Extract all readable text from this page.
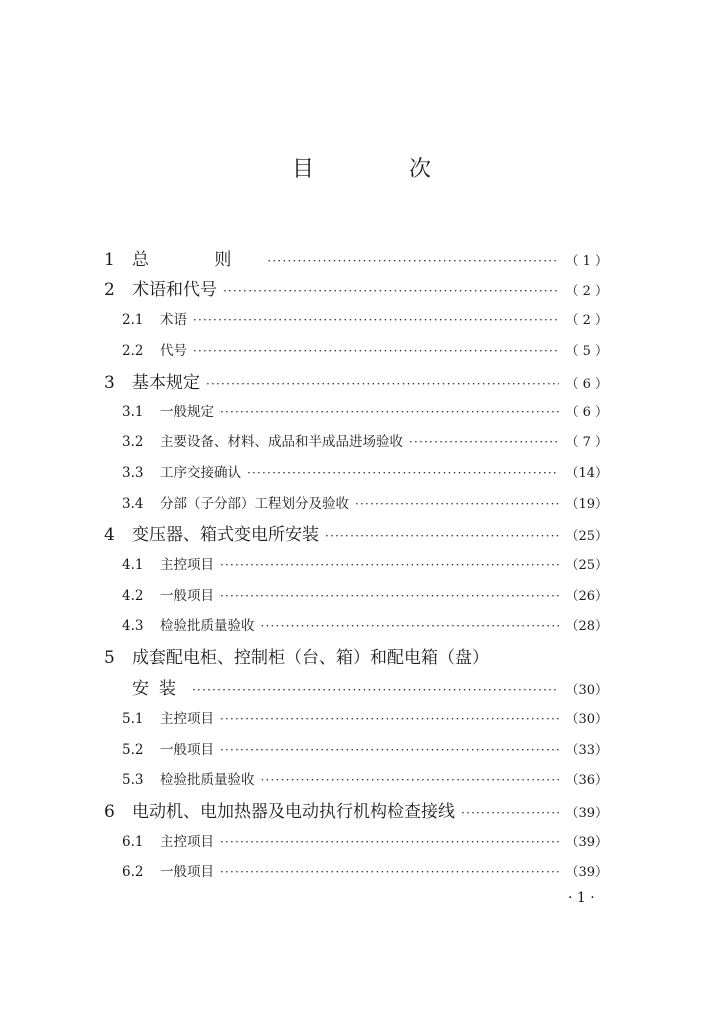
目 次
1	总 则 ·····	（ 1 ）
2	术语和代号 ·····	（ 2 ）
2.1	术语 ·····	（ 2 ）
2.2	代号 ·····	（ 5 ）
3	基本规定 ·····	（ 6 ）
3.1	一般规定 ·····	（ 6 ）
3.2	主要设备、材料、成品和半成品进场验收 ·····	（ 7 ）
3.3	工序交接确认 ·····	（14）
3.4	分部（子分部）工程划分及验收 ·····	（19）
4	变压器、箱式变电所安装 ·····	（25）
4.1	主控项目 ·····	（25）
4.2	一般项目 ·····	（26）
4.3	检验批质量验收 ·····	（28）
5	成套配电柜、控制柜（台、箱）和配电箱（盘）
安装 ·····	（30）
5.1	主控项目 ·····	（30）
5.2	一般项目 ·····	（33）
5.3	检验批质量验收 ·····	（36）
6	电动机、电加热器及电动执行机构检查接线 ·····	（39）
6.1	主控项目 ·····	（39）
6.2	一般项目 ·····	（39）
· 1 ·
